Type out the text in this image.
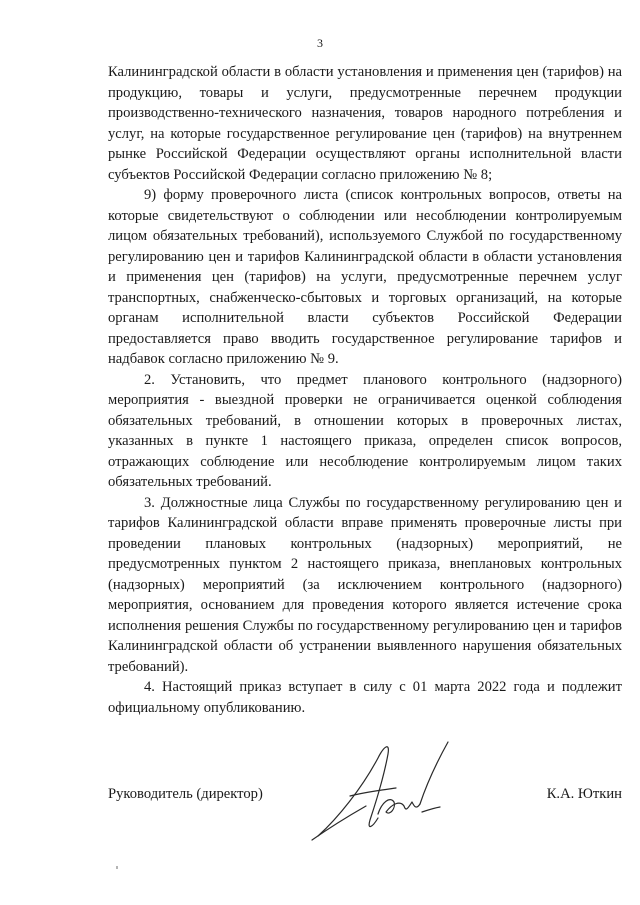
3

Калининградской области в области установления и применения цен (тарифов) на продукцию, товары и услуги, предусмотренные перечнем продукции производственно-технического назначения, товаров народного потребления и услуг, на которые государственное регулирование цен (тарифов) на внутреннем рынке Российской Федерации осуществляют органы исполнительной власти субъектов Российской Федерации согласно приложению № 8;

9) форму проверочного листа (список контрольных вопросов, ответы на которые свидетельствуют о соблюдении или несоблюдении контролируемым лицом обязательных требований), используемого Службой по государственному регулированию цен и тарифов Калининградской области в области установления и применения цен (тарифов) на услуги, предусмотренные перечнем услуг транспортных, снабженческо-сбытовых и торговых организаций, на которые органам исполнительной власти субъектов Российской Федерации предоставляется право вводить государственное регулирование тарифов и надбавок согласно приложению № 9.

2. Установить, что предмет планового контрольного (надзорного) мероприятия - выездной проверки не ограничивается оценкой соблюдения обязательных требований, в отношении которых в проверочных листах, указанных в пункте 1 настоящего приказа, определен список вопросов, отражающих соблюдение или несоблюдение контролируемым лицом таких обязательных требований.

3. Должностные лица Службы по государственному регулированию цен и тарифов Калининградской области вправе применять проверочные листы при проведении плановых контрольных (надзорных) мероприятий, не предусмотренных пунктом 2 настоящего приказа, внеплановых контрольных (надзорных) мероприятий (за исключением контрольного (надзорного) мероприятия, основанием для проведения которого является истечение срока исполнения решения Службы по государственному регулированию цен и тарифов Калининградской области об устранении выявленного нарушения обязательных требований).

4. Настоящий приказ вступает в силу с 01 марта 2022 года и подлежит официальному опубликованию.

Руководитель (директор)	К.А. Юткин
